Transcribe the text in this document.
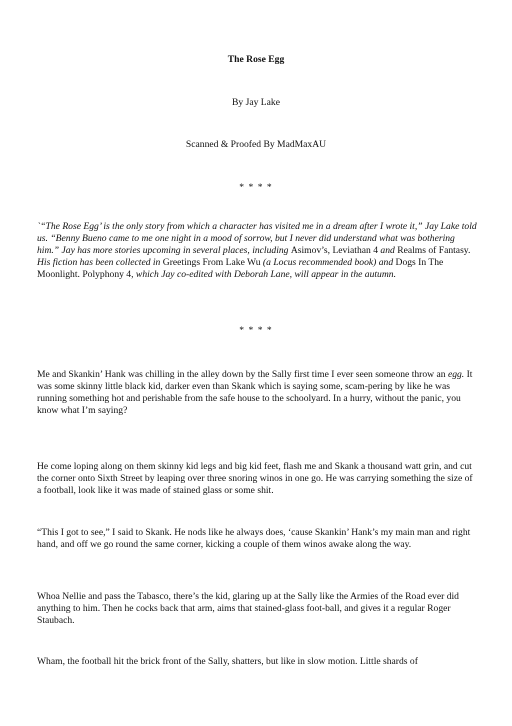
The Rose Egg
By Jay Lake
Scanned & Proofed By MadMaxAU
* * * *

`“The Rose Egg’ is the only story from which a character has visited me in a dream after I wrote it,” Jay Lake told us. “Benny Bueno came to me one night in a mood of sorrow, but I never did understand what was bothering him.” Jay has more stories upcoming in several places, including Asimov’s, Leviathan 4 and Realms of Fantasy. His fiction has been collected in Greetings From Lake Wu (a Locus recommended book) and Dogs In The Moonlight. Polyphony 4, which Jay co-edited with Deborah Lane, will appear in the autumn.

* * * *

Me and Skankin’ Hank was chilling in the alley down by the Sally first time I ever seen someone throw an egg. It was some skinny little black kid, darker even than Skank which is saying some, scam-pering by like he was running something hot and perishable from the safe house to the schoolyard. In a hurry, without the panic, you know what I’m saying?

He come loping along on them skinny kid legs and big kid feet, flash me and Skank a thousand watt grin, and cut the corner onto Sixth Street by leaping over three snoring winos in one go. He was carrying something the size of a football, look like it was made of stained glass or some shit.

“This I got to see,” I said to Skank. He nods like he always does, ‘cause Skankin’ Hank’s my main man and right hand, and off we go round the same corner, kicking a couple of them winos awake along the way.

Whoa Nellie and pass the Tabasco, there’s the kid, glaring up at the Sally like the Armies of the Road ever did anything to him. Then he cocks back that arm, aims that stained-glass foot-ball, and gives it a regular Roger Staubach.

Wham, the football hit the brick front of the Sally, shatters, but like in slow motion. Little shards of
